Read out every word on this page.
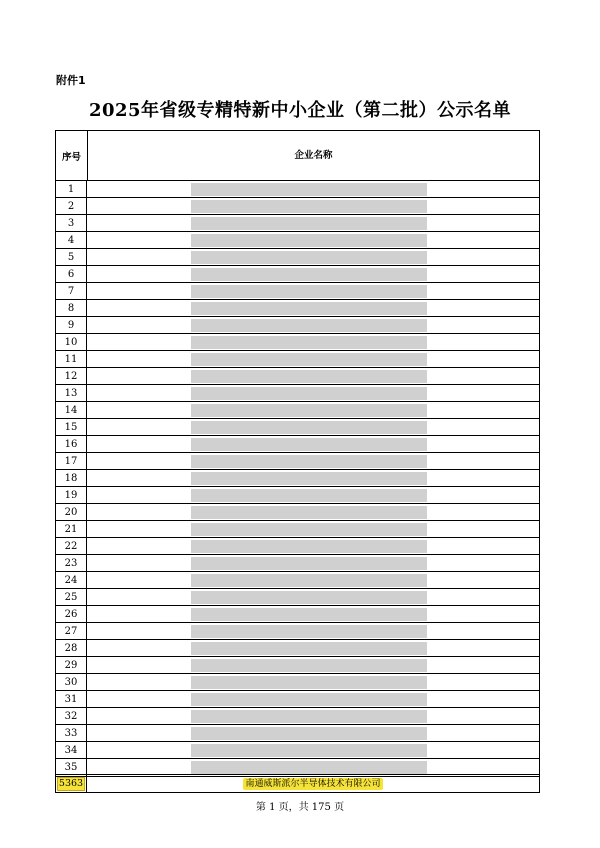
附件1
2025年省级专精特新中小企业（第二批）公示名单
序号	企业名称
1
2
3
4
5
6
7
8
9
10
11
12
13
14
15
16
17
18
19
20
21
22
23
24
25
26
27
28
29
30
31
32
33
34
35
5363	南通威斯派尔半导体技术有限公司
第 1 页，共 175 页
